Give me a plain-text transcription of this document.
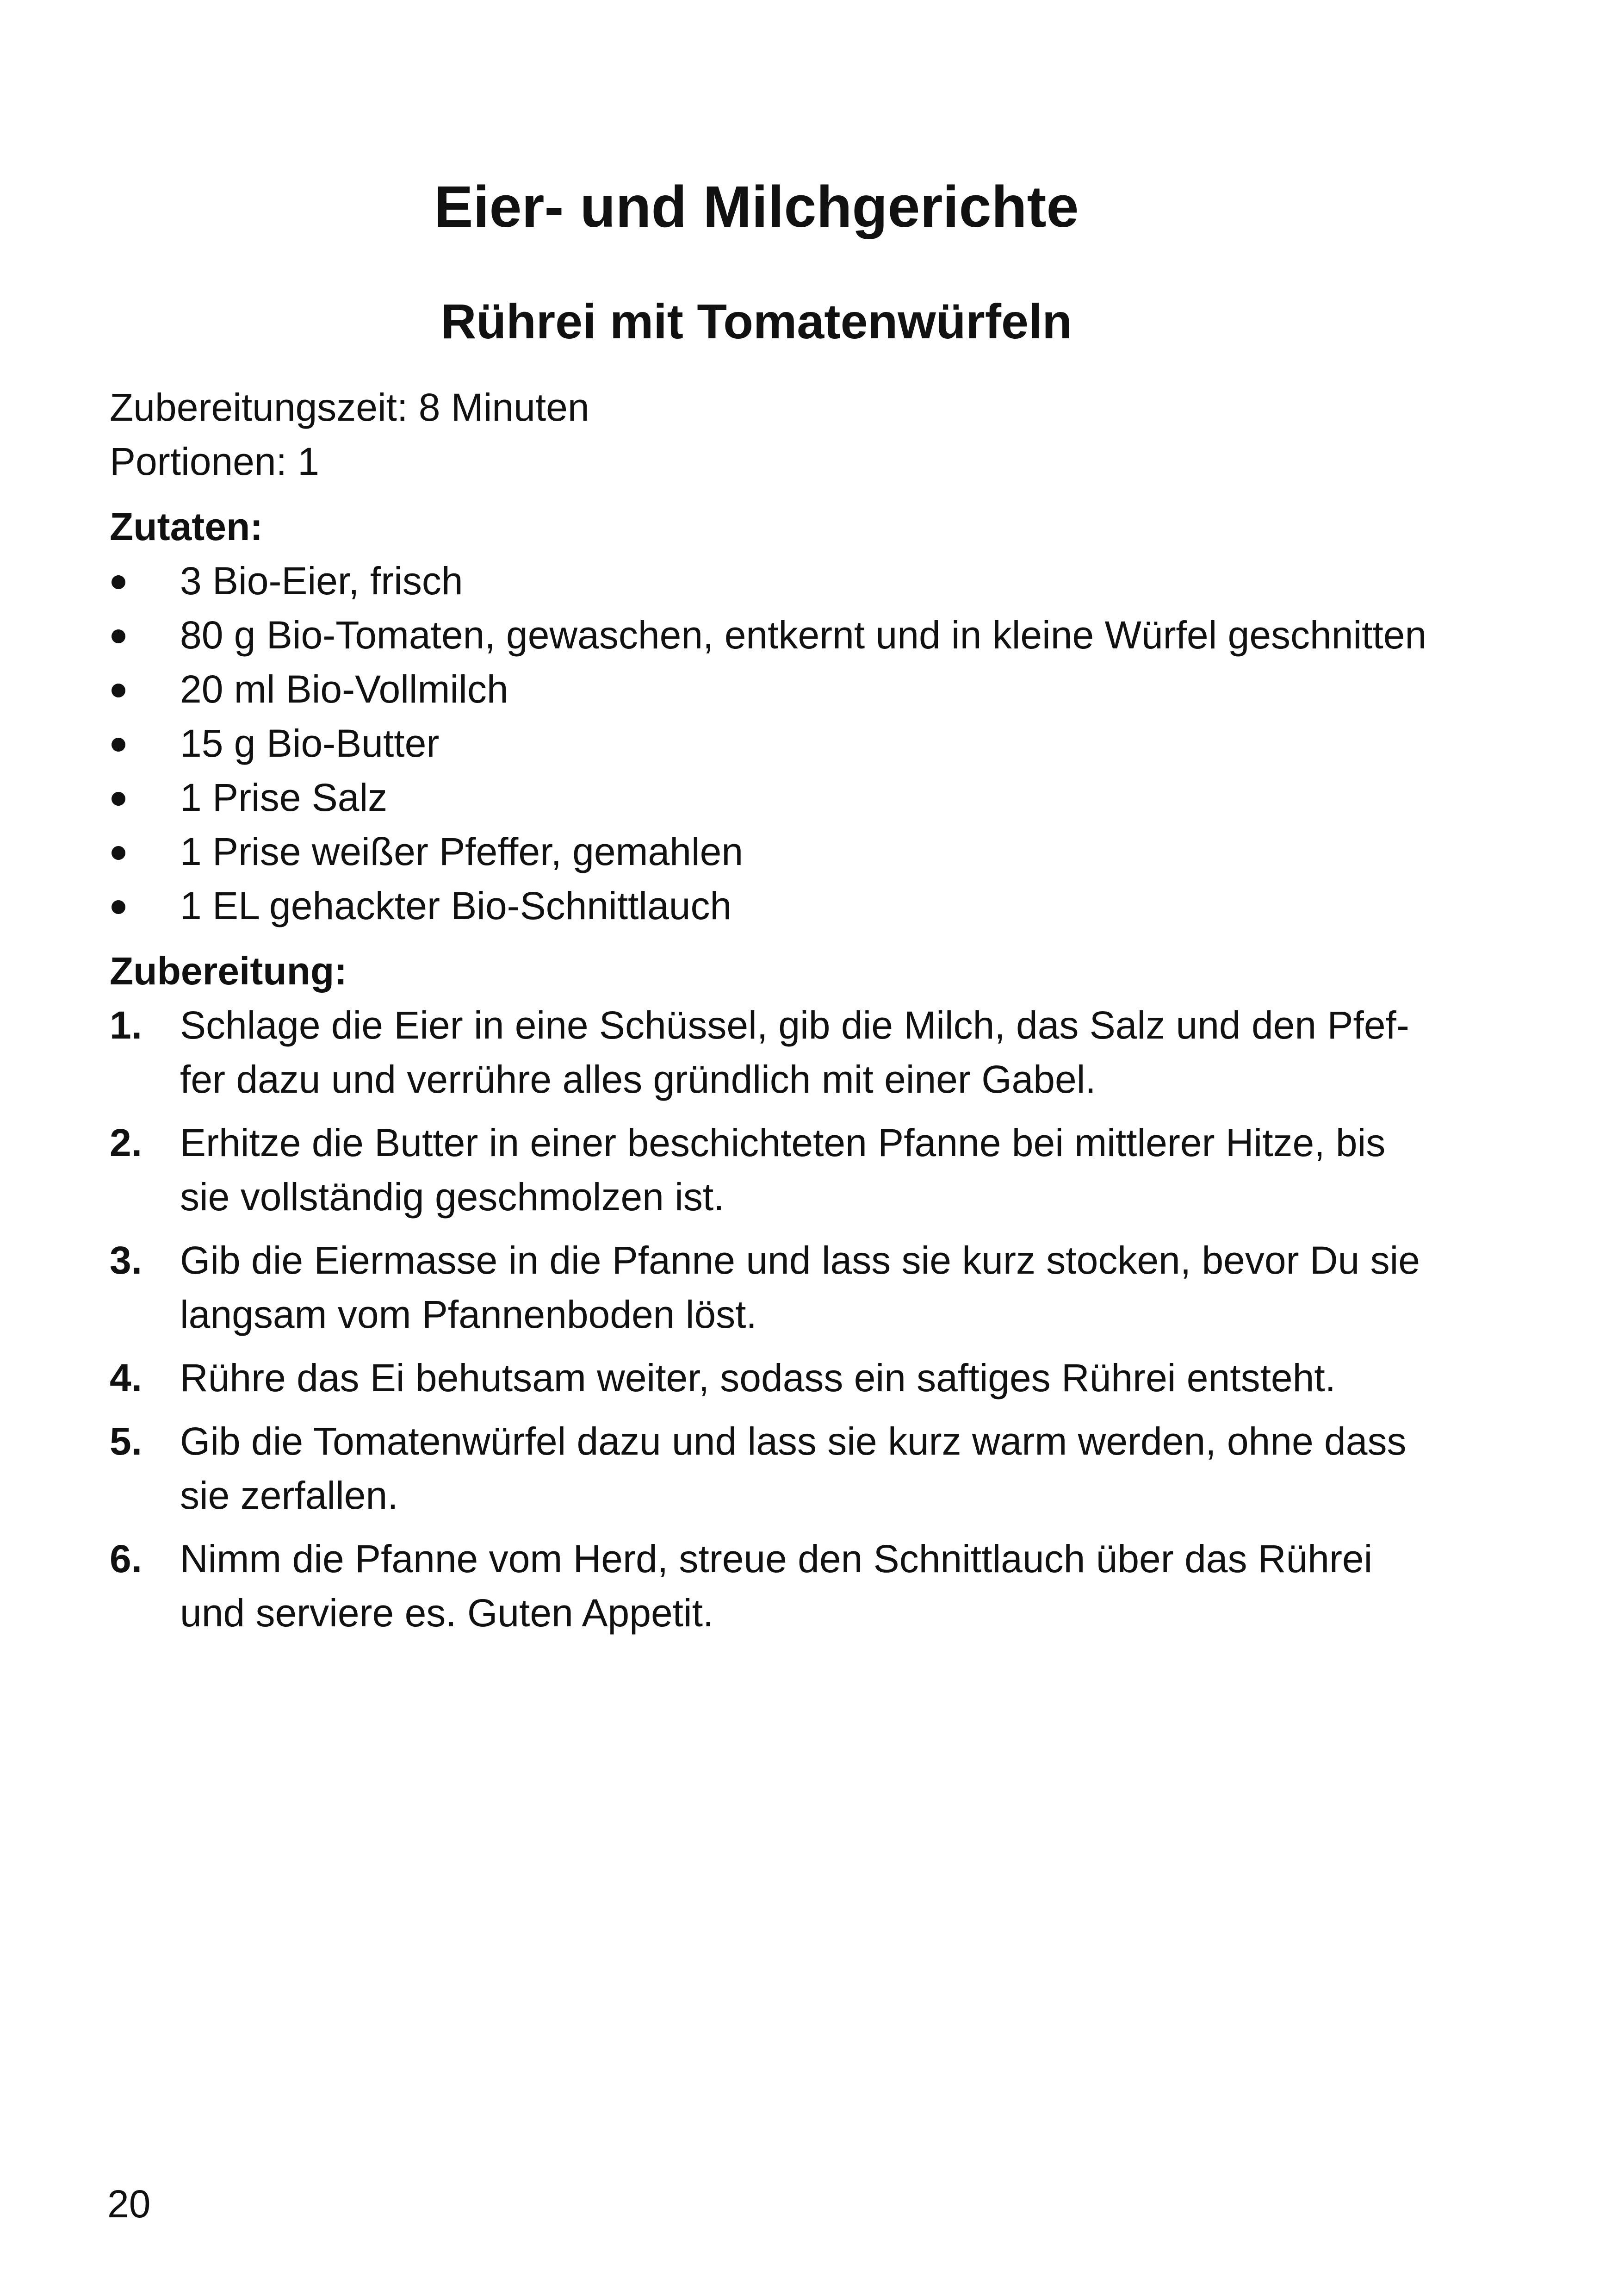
Eier- und Milchgerichte
Rührei mit Tomatenwürfeln

Zubereitungszeit: 8 Minuten

Portionen: 1

Zutaten:

3 Bio-Eier, frisch
80 g Bio-Tomaten, gewaschen, entkernt und in kleine Würfel geschnitten
20 ml Bio-Vollmilch
15 g Bio-Butter
1 Prise Salz
1 Prise weißer Pfeffer, gemahlen
1 EL gehackter Bio-Schnittlauch

Zubereitung:

1. Schlage die Eier in eine Schüssel, gib die Milch, das Salz und den Pfeffer dazu und verrühre alles gründlich mit einer Gabel.
2. Erhitze die Butter in einer beschichteten Pfanne bei mittlerer Hitze, bis sie vollständig geschmolzen ist.
3. Gib die Eiermasse in die Pfanne und lass sie kurz stocken, bevor Du sie langsam vom Pfannenboden löst.
4. Rühre das Ei behutsam weiter, sodass ein saftiges Rührei entsteht.
5. Gib die Tomatenwürfel dazu und lass sie kurz warm werden, ohne dass sie zerfallen.
6. Nimm die Pfanne vom Herd, streue den Schnittlauch über das Rührei und serviere es. Guten Appetit.
20
